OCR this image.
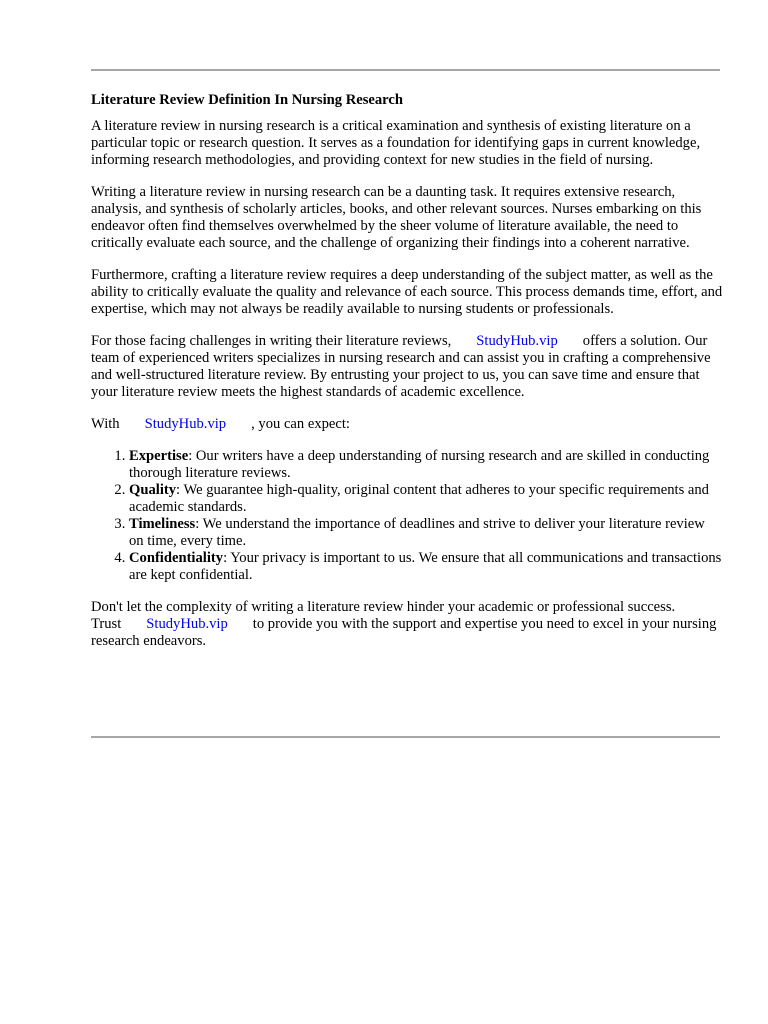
Literature Review Definition In Nursing Research

A literature review in nursing research is a critical examination and synthesis of existing literature on a particular topic or research question. It serves as a foundation for identifying gaps in current knowledge, informing research methodologies, and providing context for new studies in the field of nursing.

Writing a literature review in nursing research can be a daunting task. It requires extensive research, analysis, and synthesis of scholarly articles, books, and other relevant sources. Nurses embarking on this endeavor often find themselves overwhelmed by the sheer volume of literature available, the need to critically evaluate each source, and the challenge of organizing their findings into a coherent narrative.

Furthermore, crafting a literature review requires a deep understanding of the subject matter, as well as the ability to critically evaluate the quality and relevance of each source. This process demands time, effort, and expertise, which may not always be readily available to nursing students or professionals.

For those facing challenges in writing their literature reviews, StudyHub.vip offers a solution. Our team of experienced writers specializes in nursing research and can assist you in crafting a comprehensive and well-structured literature review. By entrusting your project to us, you can save time and ensure that your literature review meets the highest standards of academic excellence.

With StudyHub.vip , you can expect:

1. Expertise: Our writers have a deep understanding of nursing research and are skilled in conducting thorough literature reviews.
2. Quality: We guarantee high-quality, original content that adheres to your specific requirements and academic standards.
3. Timeliness: We understand the importance of deadlines and strive to deliver your literature review on time, every time.
4. Confidentiality: Your privacy is important to us. We ensure that all communications and transactions are kept confidential.

Don't let the complexity of writing a literature review hinder your academic or professional success. Trust StudyHub.vip to provide you with the support and expertise you need to excel in your nursing research endeavors.
